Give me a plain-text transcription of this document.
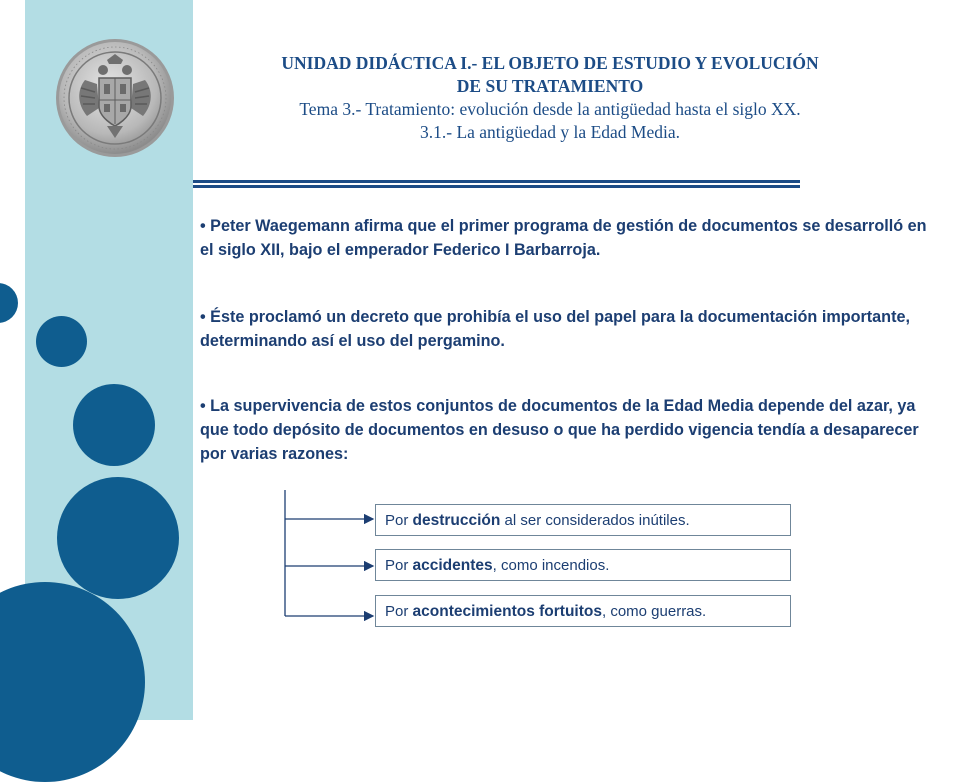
UNIDAD DIDÁCTICA I.- EL OBJETO DE ESTUDIO Y EVOLUCIÓN
DE SU TRATAMIENTO
Tema 3.- Tratamiento: evolución desde la antigüedad hasta el siglo XX.
3.1.- La antigüedad y la Edad Media.
• Peter Waegemann afirma que el primer programa de gestión de documentos se desarrolló en el siglo XII, bajo el emperador Federico I Barbarroja.
• Éste proclamó un decreto que prohibía el uso del papel para la documentación importante, determinando así el uso del pergamino.
• La supervivencia de estos conjuntos de documentos de la Edad Media depende del azar, ya que todo depósito de documentos en desuso o que ha perdido vigencia tendía a desaparecer por varias razones:
Por destrucción al ser considerados inútiles.
Por accidentes, como incendios.
Por acontecimientos fortuitos, como guerras.
